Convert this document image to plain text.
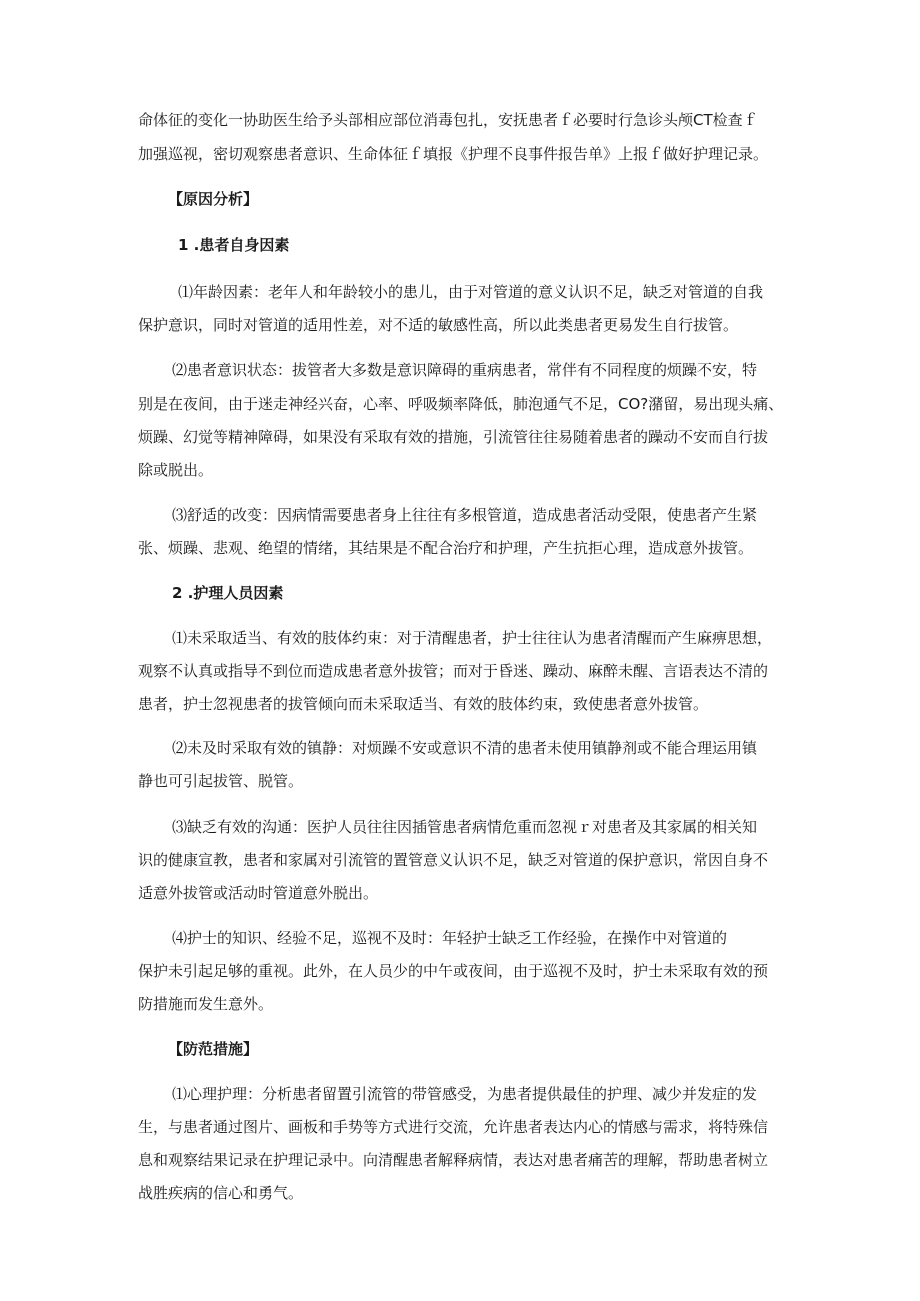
命体征的变化一协助医生给予头部相应部位消毒包扎，安抚患者ｆ必要时行急诊头颅CT检查ｆ
加强巡视，密切观察患者意识、生命体征ｆ填报《护理不良事件报告单》上报ｆ做好护理记录。
【原因分析】
1 .患者自身因素
⑴年龄因素：老年人和年龄较小的患儿，由于对管道的意义认识不足，缺乏对管道的自我
保护意识，同时对管道的适用性差，对不适的敏感性高，所以此类患者更易发生自行拔管。
⑵患者意识状态：拔管者大多数是意识障碍的重病患者，常伴有不同程度的烦躁不安，特
别是在夜间，由于迷走神经兴奋，心率、呼吸频率降低，肺泡通气不足，CO?潴留，易出现头痛、
烦躁、幻觉等精神障碍，如果没有采取有效的措施，引流管往往易随着患者的躁动不安而自行拔
除或脱出。
⑶舒适的改变：因病情需要患者身上往往有多根管道，造成患者活动受限，使患者产生紧
张、烦躁、悲观、绝望的情绪，其结果是不配合治疗和护理，产生抗拒心理，造成意外拔管。
2 .护理人员因素
⑴未采取适当、有效的肢体约束：对于清醒患者，护士往往认为患者清醒而产生麻痹思想，
观察不认真或指导不到位而造成患者意外拔管；而对于昏迷、躁动、麻醉未醒、言语表达不清的
患者，护士忽视患者的拔管倾向而未采取适当、有效的肢体约束，致使患者意外拔管。
⑵未及时采取有效的镇静：对烦躁不安或意识不清的患者未使用镇静剂或不能合理运用镇
静也可引起拔管、脱管。
⑶缺乏有效的沟通：医护人员往往因插管患者病情危重而忽视ｒ对患者及其家属的相关知
识的健康宣教，患者和家属对引流管的置管意义认识不足，缺乏对管道的保护意识，常因自身不
适意外拔管或活动时管道意外脱出。
⑷护士的知识、经验不足，巡视不及时：年轻护士缺乏工作经验，在操作中对管道的
保护未引起足够的重视。此外，在人员少的中午或夜间，由于巡视不及时，护士未采取有效的预
防措施而发生意外。
【防范措施】
⑴心理护理：分析患者留置引流管的带管感受，为患者提供最佳的护理、减少并发症的发
生，与患者通过图片、画板和手势等方式进行交流，允许患者表达内心的情感与需求，将特殊信
息和观察结果记录在护理记录中。向清醒患者解释病情，表达对患者痛苦的理解，帮助患者树立
战胜疾病的信心和勇气。
